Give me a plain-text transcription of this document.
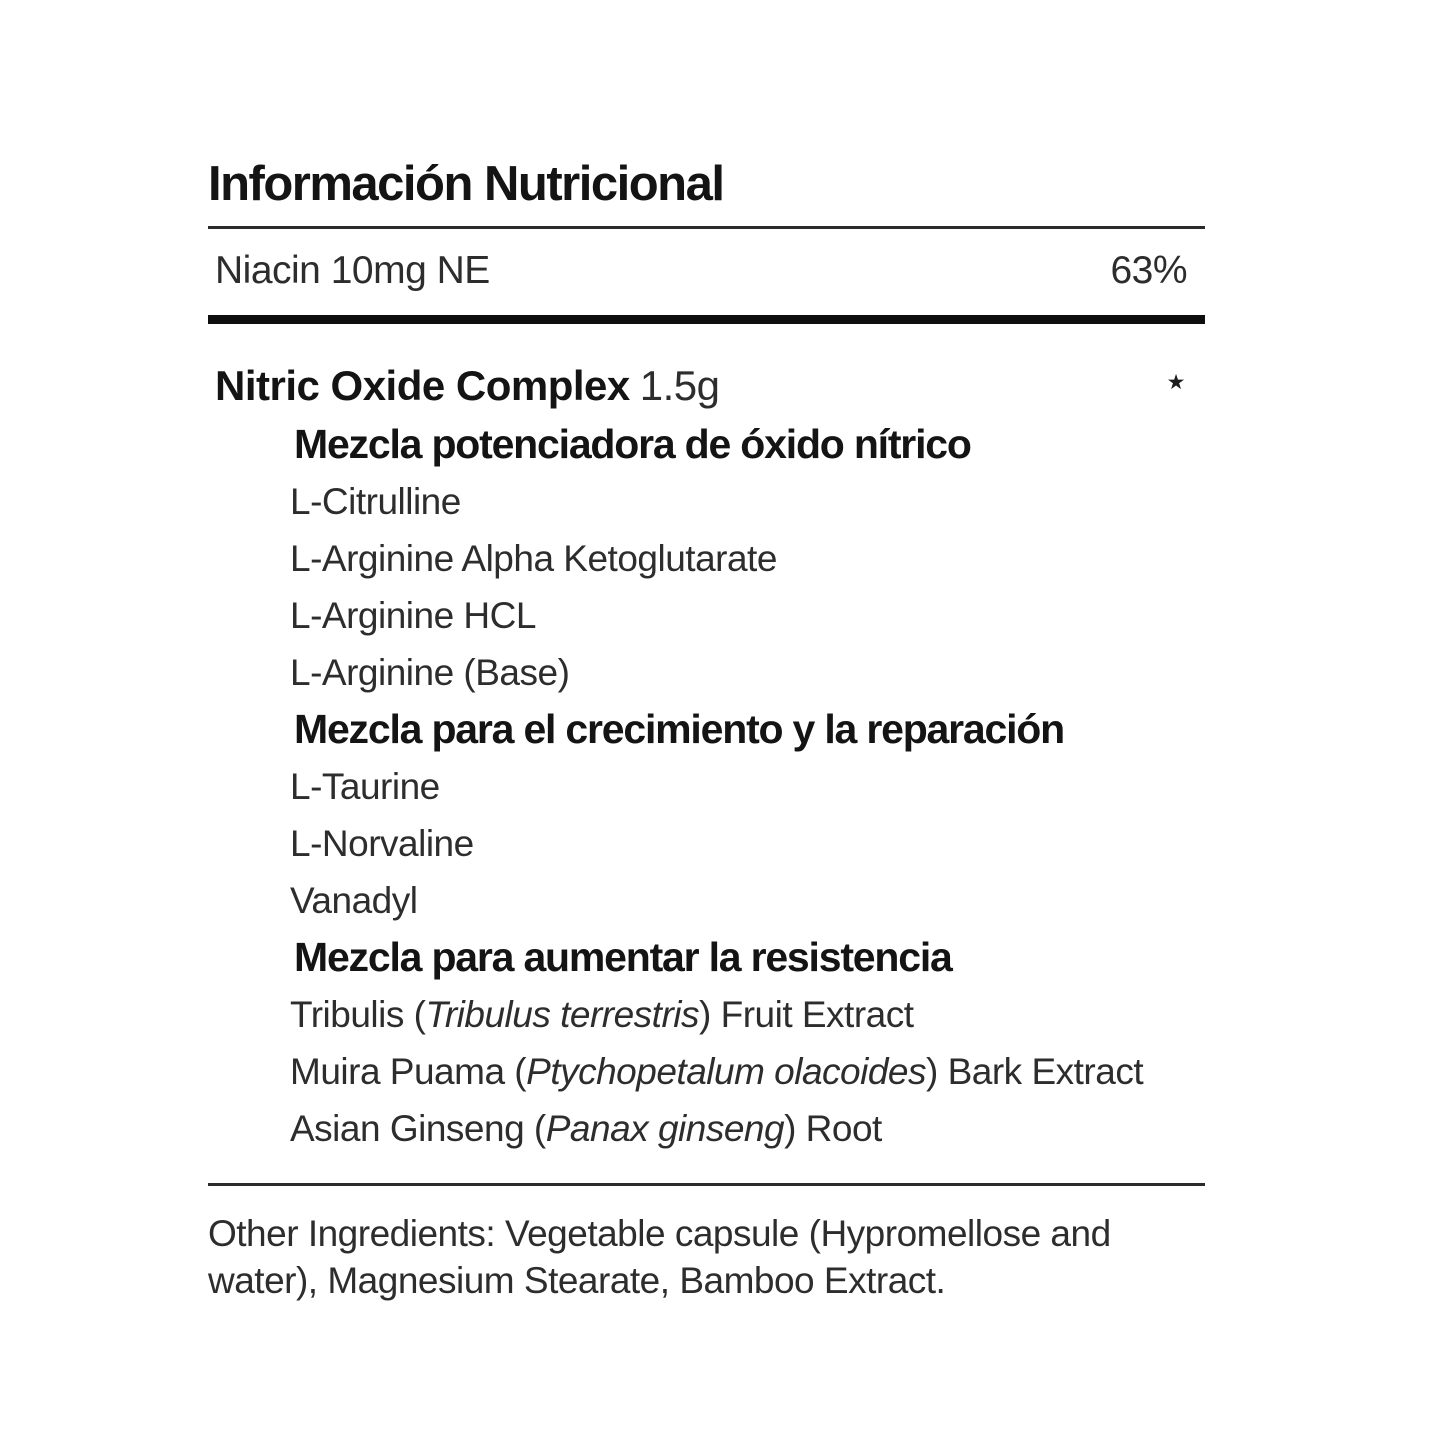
Información Nutricional
Niacin 10mg NE	63%
Nitric Oxide Complex 1.5g	★
Mezcla potenciadora de óxido nítrico
L-Citrulline
L-Arginine Alpha Ketoglutarate
L-Arginine HCL
L-Arginine (Base)
Mezcla para el crecimiento y la reparación
L-Taurine
L-Norvaline
Vanadyl
Mezcla para aumentar la resistencia
Tribulis (Tribulus terrestris) Fruit Extract
Muira Puama (Ptychopetalum olacoides) Bark Extract
Asian Ginseng (Panax ginseng) Root

Other Ingredients: Vegetable capsule (Hypromellose and
water), Magnesium Stearate, Bamboo Extract.
